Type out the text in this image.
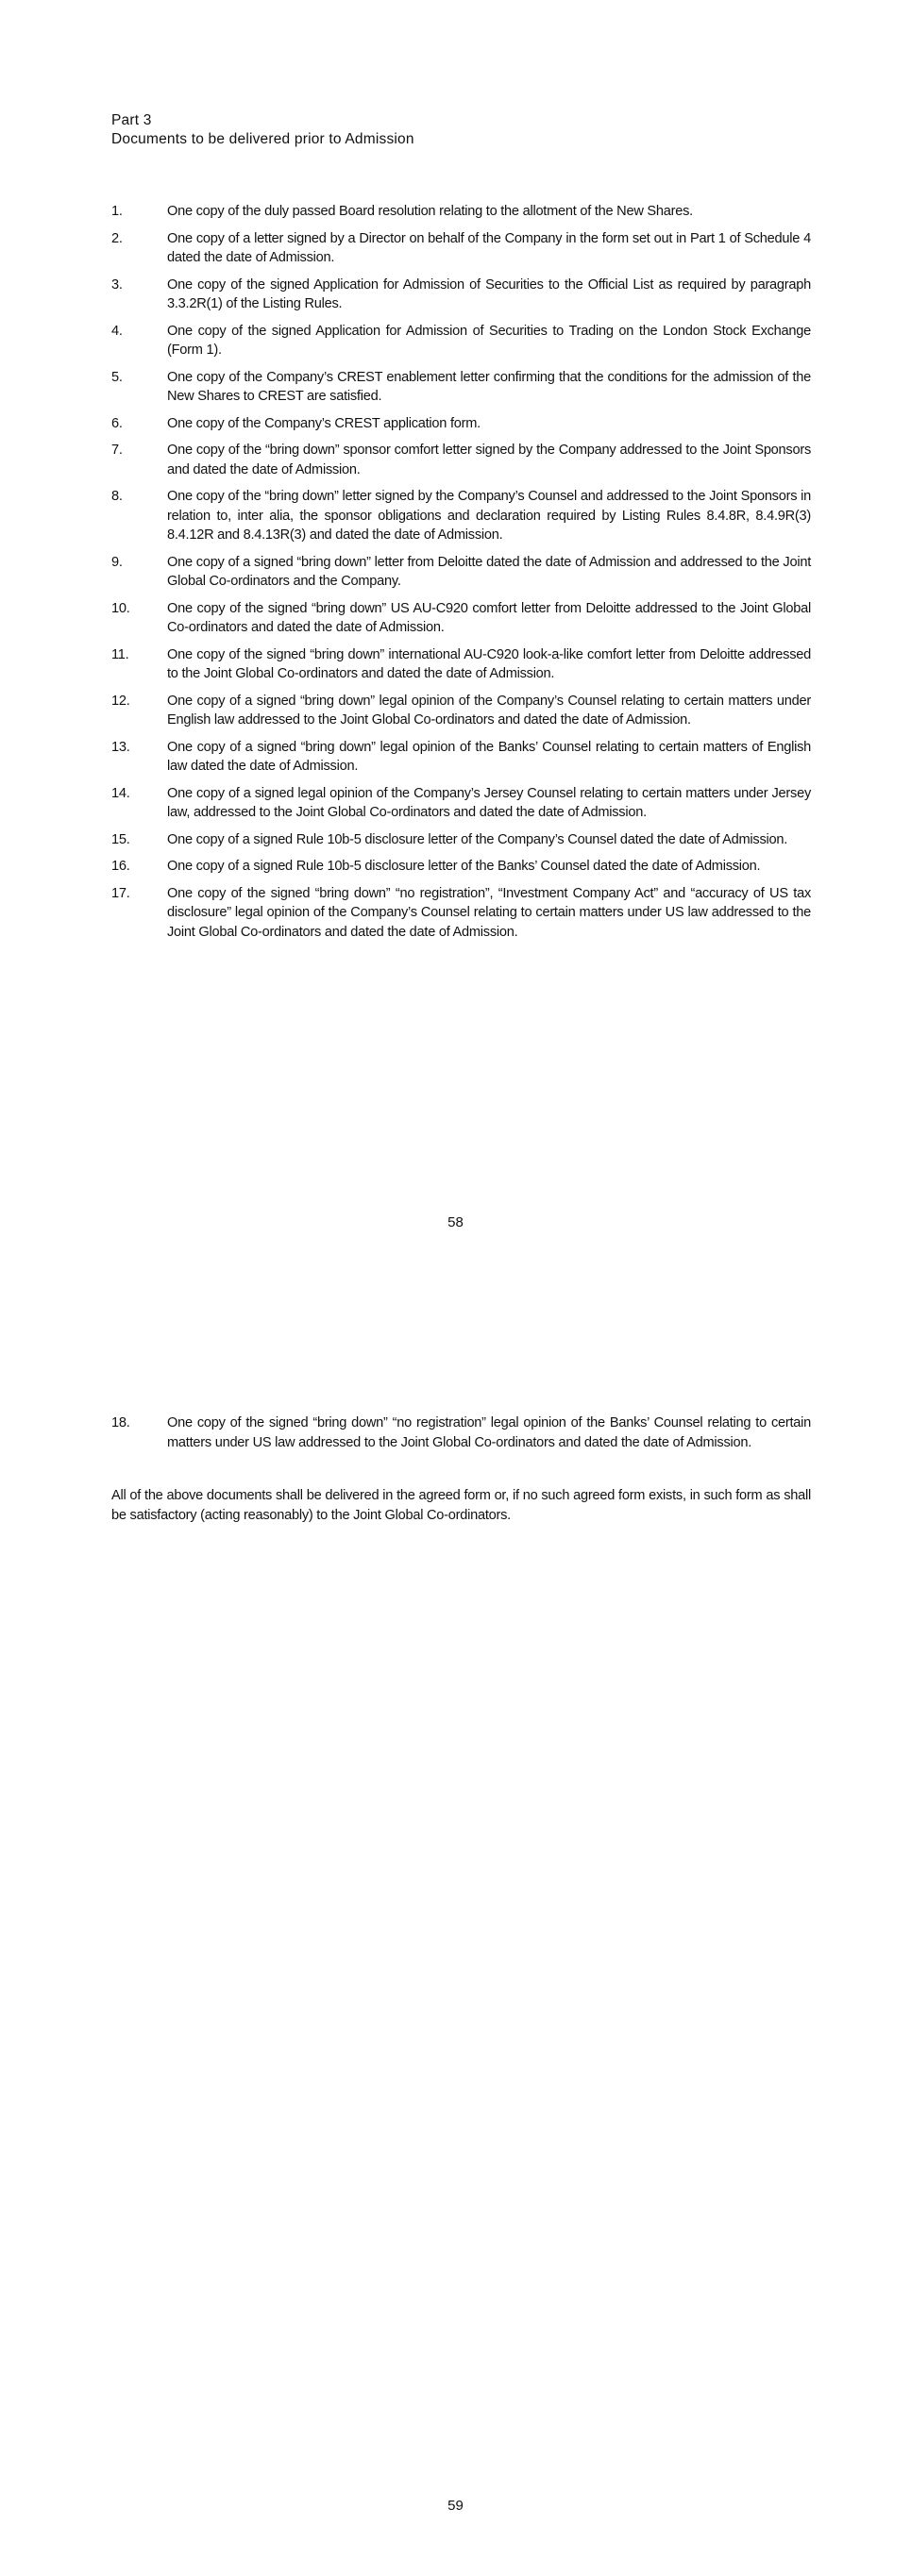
Part 3
Documents to be delivered prior to Admission
1.	One copy of the duly passed Board resolution relating to the allotment of the New Shares.
2.	One copy of a letter signed by a Director on behalf of the Company in the form set out in Part 1 of Schedule 4 dated the date of Admission.
3.	One copy of the signed Application for Admission of Securities to the Official List as required by paragraph 3.3.2R(1) of the Listing Rules.
4.	One copy of the signed Application for Admission of Securities to Trading on the London Stock Exchange (Form 1).
5.	One copy of the Company’s CREST enablement letter confirming that the conditions for the admission of the New Shares to CREST are satisfied.
6.	One copy of the Company’s CREST application form.
7.	One copy of the “bring down” sponsor comfort letter signed by the Company addressed to the Joint Sponsors and dated the date of Admission.
8.	One copy of the “bring down” letter signed by the Company’s Counsel and addressed to the Joint Sponsors in relation to, inter alia, the sponsor obligations and declaration required by Listing Rules 8.4.8R, 8.4.9R(3) 8.4.12R and 8.4.13R(3) and dated the date of Admission.
9.	One copy of a signed “bring down” letter from Deloitte dated the date of Admission and addressed to the Joint Global Co-ordinators and the Company.
10.	One copy of the signed “bring down” US AU-C920 comfort letter from Deloitte addressed to the Joint Global Co-ordinators and dated the date of Admission.
11.	One copy of the signed “bring down” international AU-C920 look-a-like comfort letter from Deloitte addressed to the Joint Global Co-ordinators and dated the date of Admission.
12.	One copy of a signed “bring down” legal opinion of the Company’s Counsel relating to certain matters under English law addressed to the Joint Global Co-ordinators and dated the date of Admission.
13.	One copy of a signed “bring down” legal opinion of the Banks’ Counsel relating to certain matters of English law dated the date of Admission.
14.	One copy of a signed legal opinion of the Company’s Jersey Counsel relating to certain matters under Jersey law, addressed to the Joint Global Co-ordinators and dated the date of Admission.
15.	One copy of a signed Rule 10b-5 disclosure letter of the Company’s Counsel dated the date of Admission.
16.	One copy of a signed Rule 10b-5 disclosure letter of the Banks’ Counsel dated the date of Admission.
17.	One copy of the signed “bring down” “no registration”, “Investment Company Act” and “accuracy of US tax disclosure” legal opinion of the Company’s Counsel relating to certain matters under US law addressed to the Joint Global Co-ordinators and dated the date of Admission.
58
18.	One copy of the signed “bring down” “no registration” legal opinion of the Banks’ Counsel relating to certain matters under US law addressed to the Joint Global Co-ordinators and dated the date of Admission.

All of the above documents shall be delivered in the agreed form or, if no such agreed form exists, in such form as shall be satisfactory (acting reasonably) to the Joint Global Co-ordinators.

59
